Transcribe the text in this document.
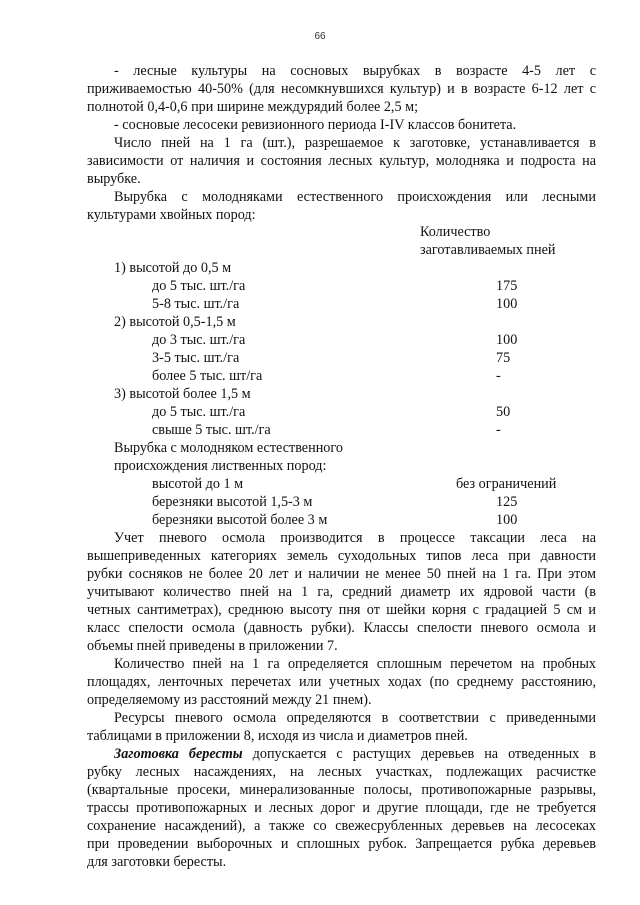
66
- лесные культуры на сосновых вырубках в возрасте 4-5 лет с
приживаемостью 40-50% (для несомкнувшихся культур) и в возрасте 6-12 лет с
полнотой 0,4-0,6 при ширине междурядий более 2,5 м;
- сосновые лесосеки ревизионного периода I-IV классов бонитета.
Число пней на 1 га (шт.), разрешаемое к заготовке, устанавливается в
зависимости от наличия и состояния лесных культур, молодняка и подроста на
вырубке.
Вырубка с молодняками естественного происхождения или лесными
культурами хвойных пород:
Количество
заготавливаемых пней
1) высотой до 0,5 м
до 5 тыс. шт./га	175
5-8 тыс. шт./га	100
2) высотой 0,5-1,5 м
до 3 тыс. шт./га	100
3-5 тыс. шт./га	75
более 5 тыс. шт/га	-
3) высотой более 1,5 м
до 5 тыс. шт./га	50
свыше 5 тыс. шт./га	-
Вырубка с молодняком естественного
происхождения лиственных пород:
высотой до 1 м	без ограничений
березняки высотой 1,5-3 м	125
березняки высотой более 3 м	100
Учет пневого осмола производится в процессе таксации леса на
вышеприведенных категориях земель суходольных типов леса при давности
рубки сосняков не более 20 лет и наличии не менее 50 пней на 1 га. При этом
учитывают количество пней на 1 га, средний диаметр их ядровой части (в
четных сантиметрах), среднюю высоту пня от шейки корня с градацией 5 см и
класс спелости осмола (давность рубки). Классы спелости пневого осмола и
объемы пней приведены в приложении 7.
Количество пней на 1 га определяется сплошным перечетом на пробных
площадях, ленточных перечетах или учетных ходах (по среднему расстоянию,
определяемому из расстояний между 21 пнем).
Ресурсы пневого осмола определяются в соответствии с приведенными
таблицами в приложении 8, исходя из числа и диаметров пней.
Заготовка бересты допускается с растущих деревьев на отведенных в
рубку лесных насаждениях, на лесных участках, подлежащих расчистке
(квартальные просеки, минерализованные полосы, противопожарные разрывы,
трассы противопожарных и лесных дорог и другие площади, где не требуется
сохранение насаждений), а также со свежесрубленных деревьев на лесосеках
при проведении выборочных и сплошных рубок. Запрещается рубка деревьев
для заготовки бересты.
